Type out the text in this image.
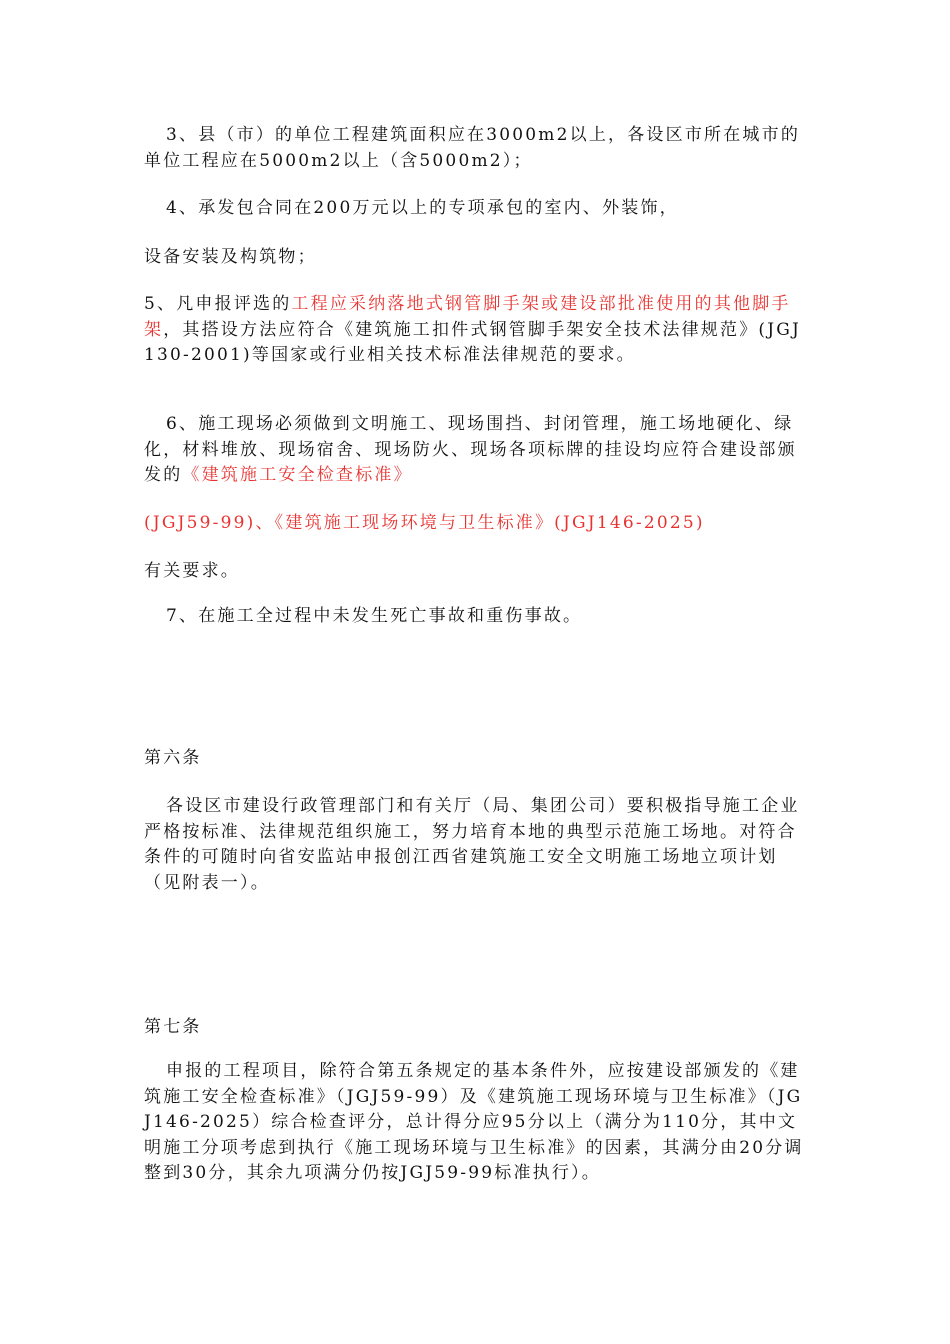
3、县（市）的单位工程建筑面积应在3000m2以上，各设区市所在城市的单位工程应在5000m2以上（含5000m2）；

4、承发包合同在200万元以上的专项承包的室内、外装饰，

设备安装及构筑物；

5、凡申报评选的工程应采纳落地式钢管脚手架或建设部批准使用的其他脚手架，其搭设方法应符合《建筑施工扣件式钢管脚手架安全技术法律规范》(JGJ130-2001)等国家或行业相关技术标准法律规范的要求。

6、施工现场必须做到文明施工、现场围挡、封闭管理，施工场地硬化、绿化，材料堆放、现场宿舍、现场防火、现场各项标牌的挂设均应符合建设部颁发的《建筑施工安全检查标准》

(JGJ59-99)、《建筑施工现场环境与卫生标准》(JGJ146-2025)

有关要求。

7、在施工全过程中未发生死亡事故和重伤事故。

第六条

各设区市建设行政管理部门和有关厅（局、集团公司）要积极指导施工企业严格按标准、法律规范组织施工，努力培育本地的典型示范施工场地。对符合条件的可随时向省安监站申报创江西省建筑施工安全文明施工场地立项计划（见附表一）。

第七条

申报的工程项目，除符合第五条规定的基本条件外，应按建设部颁发的《建筑施工安全检查标准》（JGJ59-99）及《建筑施工现场环境与卫生标准》（JGJ146-2025）综合检查评分，总计得分应95分以上（满分为110分，其中文明施工分项考虑到执行《施工现场环境与卫生标准》的因素，其满分由20分调整到30分，其余九项满分仍按JGJ59-99标准执行）。
